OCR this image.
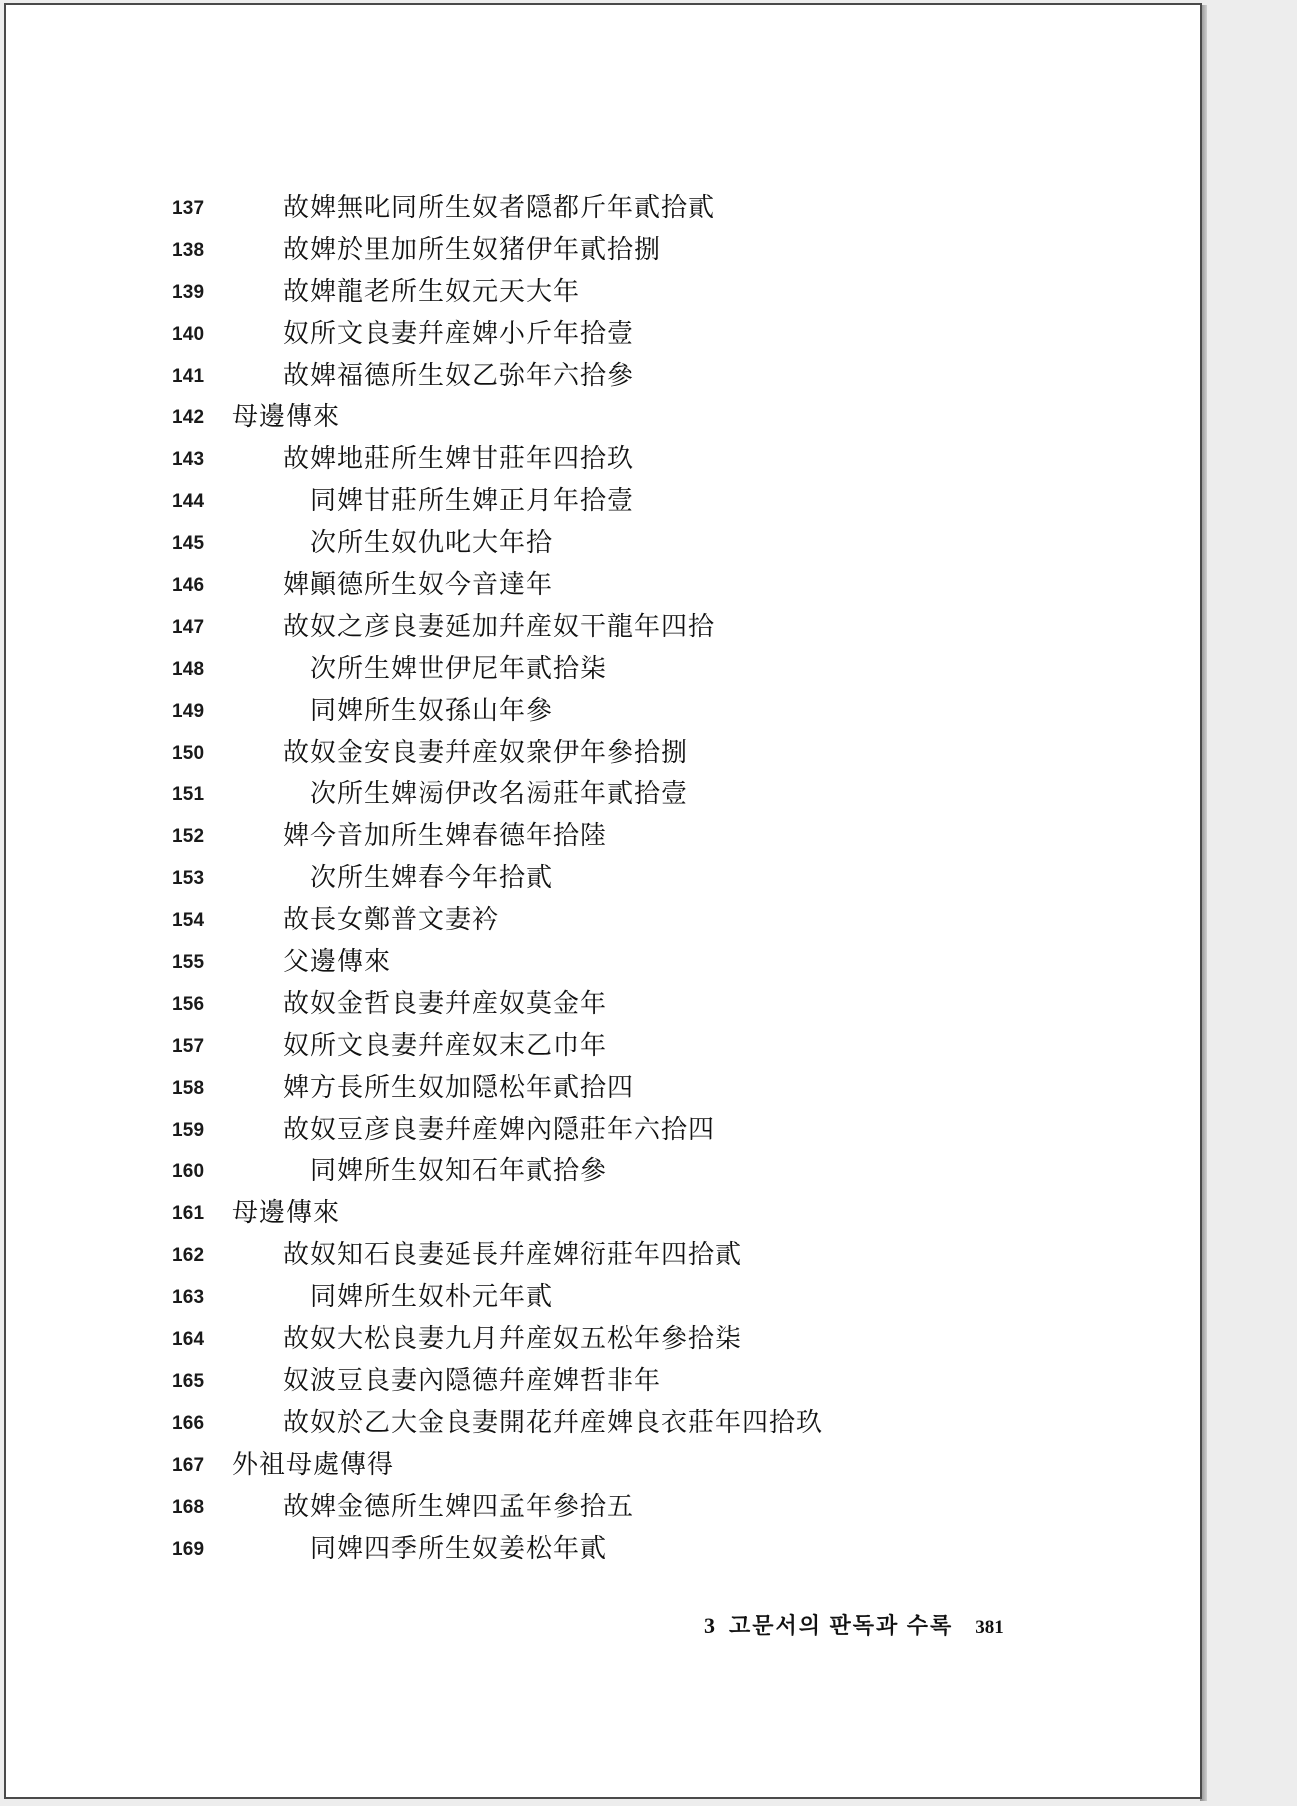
137	故婢無叱同所生奴者隠都斤年貳拾貳
138	故婢於里加所生奴猪伊年貳拾捌
139	故婢龍老所生奴元天大年
140	奴所文良妻幷産婢小斤年拾壹
141	故婢福德所生奴乙㢱年六拾參
142	母邊傳來
143	故婢地莊所生婢甘莊年四拾玖
144	同婢甘莊所生婢正月年拾壹
145	次所生奴仇叱大年拾
146	婢顚德所生奴今音達年
147	故奴之彦良妻延加幷産奴干龍年四拾
148	次所生婢世伊尼年貳拾柒
149	同婢所生奴孫山年參
150	故奴金安良妻幷産奴衆伊年參拾捌
151	次所生婢𣶢伊改名𣶢莊年貳拾壹
152	婢今音加所生婢春德年拾陸
153	次所生婢春今年拾貳
154	故長女鄭普文妻衿
155	父邊傳來
156	故奴金哲良妻幷産奴莫金年
157	奴所文良妻幷産奴末乙巾年
158	婢方長所生奴加隠松年貳拾四
159	故奴豆彦良妻幷産婢內隠莊年六拾四
160	同婢所生奴知石年貳拾參
161	母邊傳來
162	故奴知石良妻延長幷産婢衍莊年四拾貳
163	同婢所生奴朴元年貳
164	故奴大松良妻九月幷産奴五松年參拾柒
165	奴波豆良妻內隠德幷産婢哲非年
166	故奴於乙大金良妻開花幷産婢良衣莊年四拾玖
167	外祖母處傳得
168	故婢金德所生婢四孟年參拾五
169	同婢四季所生奴姜松年貳
3 고문서의 판독과 수록 381
